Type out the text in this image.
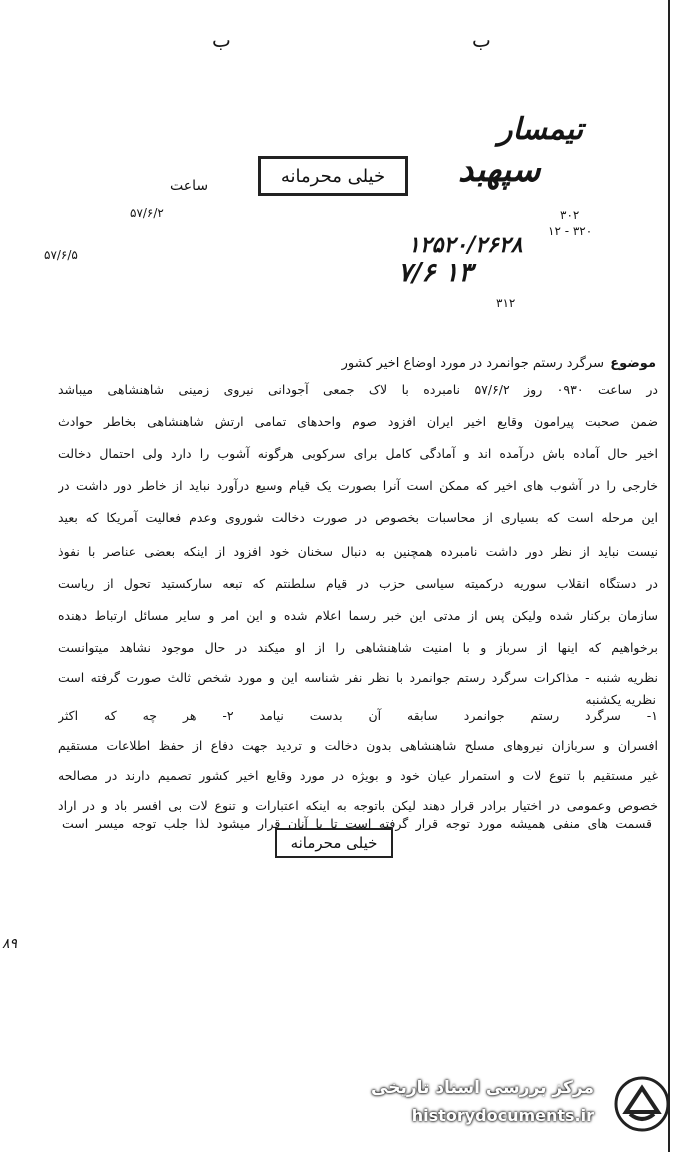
ب	ب
تیمسار
سپهبد
خیلی محرمانه
ساعت
۵۷/۶/۲
۵۷/۶/۵
۳۰۲
۱۲ - ۳۲۰
۱۲۵۲۰/۲۶۲۸
۷/۶ ۱۳
۳۱۲
موضوع
سرگرد رستم جوانمرد در مورد اوضاع اخیر کشور
در ساعت ۰۹۳۰ روز ۵۷/۶/۲ نامبرده با لاک جمعی آجودانی نیروی زمینی شاهنشاهی میباشد
ضمن صحبت پیرامون وقایع اخیر ایران افزود صوم واحدهای تمامی ارتش شاهنشاهی بخاطر حوادث
اخیر حال آماده باش درآمده اند و آمادگی کامل برای سرکوبی هرگونه آشوب را دارد ولی احتمال دخالت
خارجی را در آشوب های اخیر که ممکن است آنرا بصورت یک قیام وسیع درآورد نباید از خاطر دور داشت در
این مرحله است که بسیاری از محاسبات بخصوص در صورت دخالت شوروی وعدم فعالیت آمریکا که بعید
نیست نباید از نظر دور داشت نامبرده همچنین به دنبال سخنان خود افزود از اینکه بعضی عناصر با نفوذ
در دستگاه انقلاب سوریه درکمیته سیاسی حزب در قیام سلطنتم که تبعه سارکستید تحول از ریاست
سازمان برکنار شده ولیکن پس از مدتی این خبر رسما اعلام شده و این امر و سایر مسائل ارتباط دهنده
برخواهیم که اینها از سرباز و با امنیت شاهنشاهی را از او میکند در حال موجود نشاهد میتوانست
نظریه شنبه - مذاکرات سرگرد رستم جوانمرد با نظر نفر شناسه این و مورد شخص ثالث صورت گرفته است
نظریه یکشنبه
۱- سرگرد رستم جوانمرد سابقه آن بدست نیامد ۲- هر چه که اکثر
افسران و سربازان نیروهای مسلح شاهنشاهی بدون دخالت و تردید جهت دفاع از حفظ اطلاعات مستقیم
غیر مستقیم با تنوع لات و استمرار عیان خود و بویژه در مورد وقایع اخیر کشور تصمیم دارند در مصالحه
خصوص وعمومی در اختیار برادر قرار دهند لیکن باتوجه به اینکه اعتبارات و تنوع لات بی افسر باد و در اراد
قسمت های منفی همیشه مورد توجه قرار گرفته است تا با آنان قرار میشود لذا جلب توجه میسر است
خیلی محرمانه
۸۹
مرکز بررسی اسناد تاریخی
historydocuments.ir
